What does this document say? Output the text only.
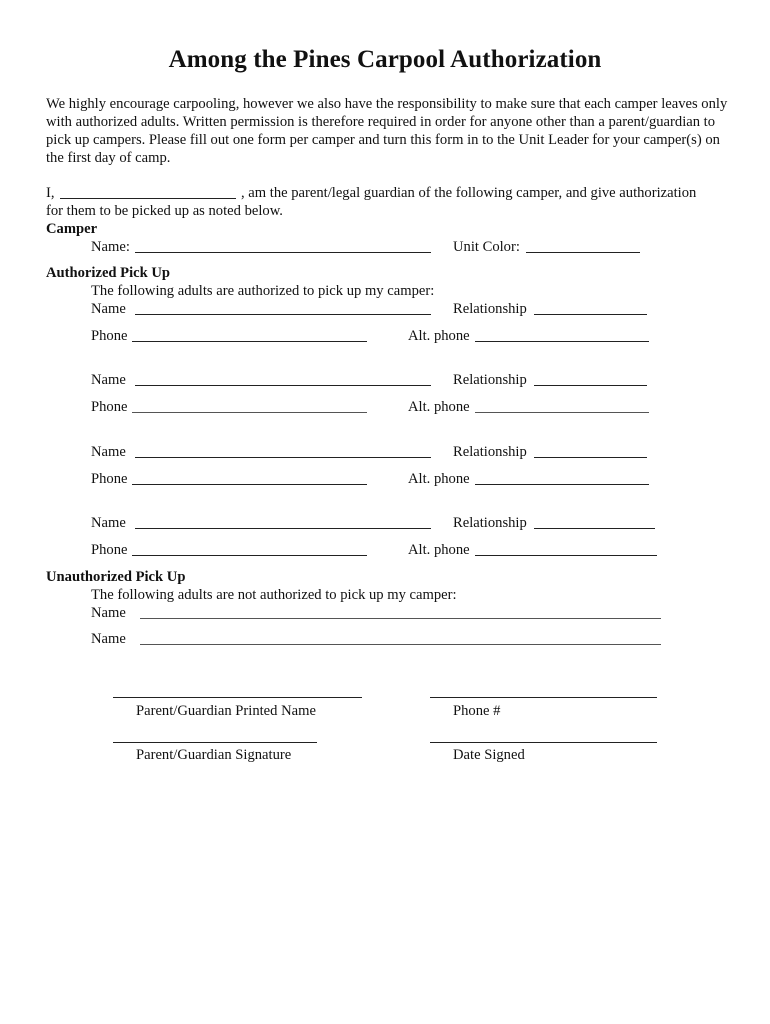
Among the Pines Carpool Authorization

We highly encourage carpooling, however we also have the responsibility to make sure that each camper leaves only with authorized adults. Written permission is therefore required in order for anyone other than a parent/guardian to pick up campers. Please fill out one form per camper and turn this form in to the Unit Leader for your camper(s) on the first day of camp.

I,	, am the parent/legal guardian of the following camper, and give authorization
for them to be picked up as noted below.
Camper
Name:	Unit Color:
Authorized Pick Up
The following adults are authorized to pick up my camper:
Name	Relationship
Phone	Alt. phone
Name	Relationship
Phone	Alt. phone
Name	Relationship
Phone	Alt. phone
Name	Relationship
Phone	Alt. phone
Unauthorized Pick Up
The following adults are not authorized to pick up my camper:
Name
Name
Parent/Guardian Printed Name	Phone #
Parent/Guardian Signature	Date Signed
